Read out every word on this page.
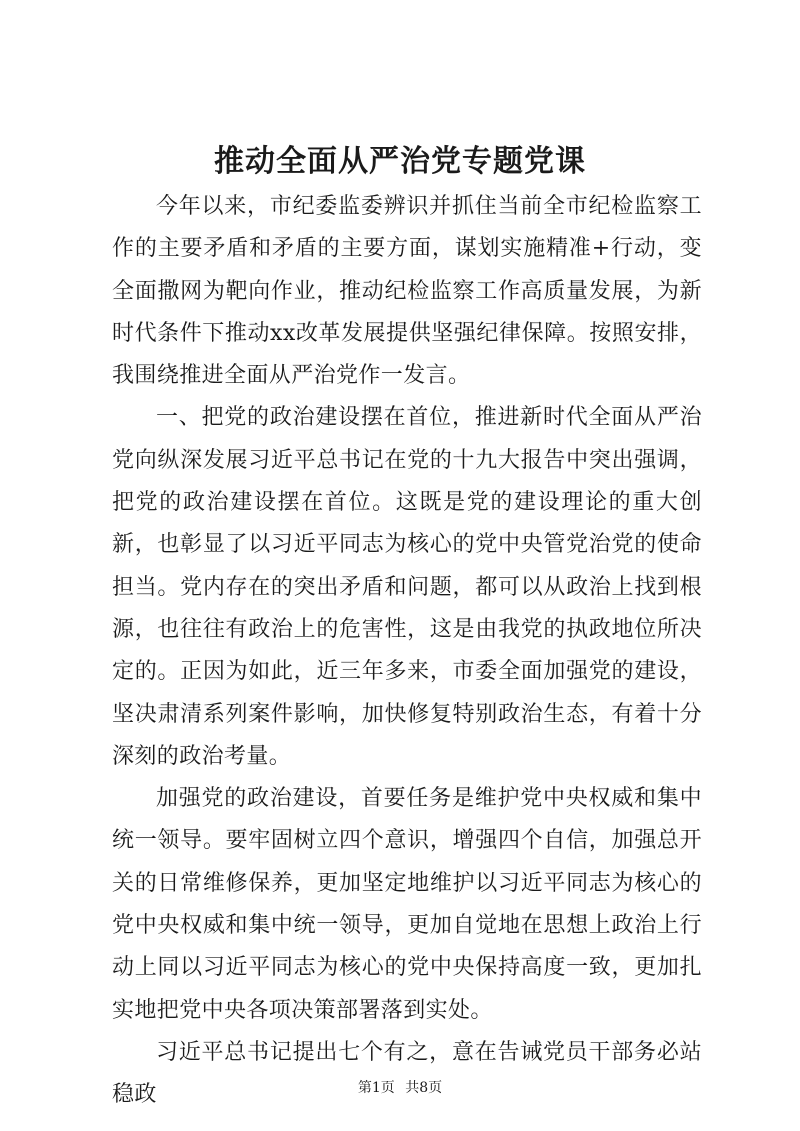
推动全面从严治党专题党课

今年以来，市纪委监委辨识并抓住当前全市纪检监察工作的主要矛盾和矛盾的主要方面，谋划实施精准+行动，变全面撒网为靶向作业，推动纪检监察工作高质量发展，为新时代条件下推动xx改革发展提供坚强纪律保障。按照安排，我围绕推进全面从严治党作一发言。

一、把党的政治建设摆在首位，推进新时代全面从严治党向纵深发展习近平总书记在党的十九大报告中突出强调，把党的政治建设摆在首位。这既是党的建设理论的重大创新，也彰显了以习近平同志为核心的党中央管党治党的使命担当。党内存在的突出矛盾和问题，都可以从政治上找到根源，也往往有政治上的危害性，这是由我党的执政地位所决定的。正因为如此，近三年多来，市委全面加强党的建设，坚决肃清系列案件影响，加快修复特别政治生态，有着十分深刻的政治考量。

加强党的政治建设，首要任务是维护党中央权威和集中统一领导。要牢固树立四个意识，增强四个自信，加强总开关的日常维修保养，更加坚定地维护以习近平同志为核心的党中央权威和集中统一领导，更加自觉地在思想上政治上行动上同以习近平同志为核心的党中央保持高度一致，更加扎实地把党中央各项决策部署落到实处。

习近平总书记提出七个有之，意在告诫党员干部务必站稳政	第1页 共8页
